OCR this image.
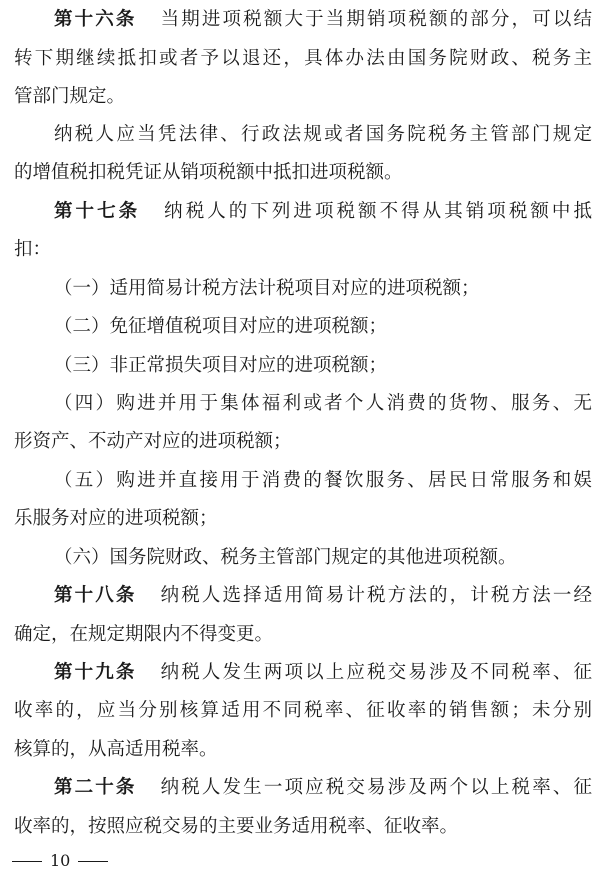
第十六条 当期进项税额大于当期销项税额的部分，可以结
转下期继续抵扣或者予以退还，具体办法由国务院财政、税务主
管部门规定。
纳税人应当凭法律、行政法规或者国务院税务主管部门规定
的增值税扣税凭证从销项税额中抵扣进项税额。
第十七条 纳税人的下列进项税额不得从其销项税额中抵
扣：
（一）适用简易计税方法计税项目对应的进项税额；
（二）免征增值税项目对应的进项税额；
（三）非正常损失项目对应的进项税额；
（四）购进并用于集体福利或者个人消费的货物、服务、无
形资产、不动产对应的进项税额；
（五）购进并直接用于消费的餐饮服务、居民日常服务和娱
乐服务对应的进项税额；
（六）国务院财政、税务主管部门规定的其他进项税额。
第十八条 纳税人选择适用简易计税方法的，计税方法一经
确定，在规定期限内不得变更。
第十九条 纳税人发生两项以上应税交易涉及不同税率、征
收率的，应当分别核算适用不同税率、征收率的销售额；未分别
核算的，从高适用税率。
第二十条 纳税人发生一项应税交易涉及两个以上税率、征
收率的，按照应税交易的主要业务适用税率、征收率。
10
